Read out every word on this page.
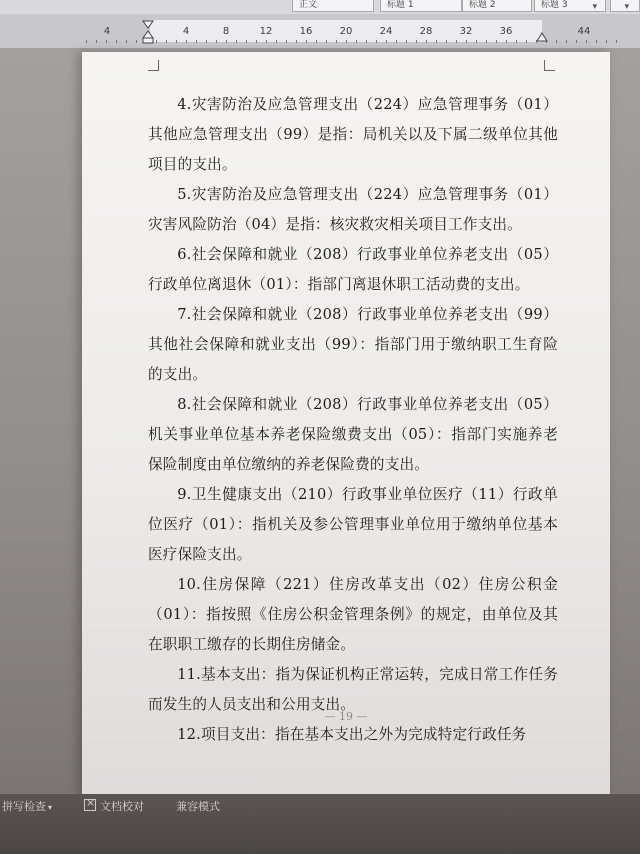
正文	标题 1	标题 2	标题 3	▾	▾
4	4	8	12	16	20	24	28	32	36	44

4.灾害防治及应急管理支出（224）应急管理事务（01）其他应急管理支出（99）是指：局机关以及下属二级单位其他项目的支出。

5.灾害防治及应急管理支出（224）应急管理事务（01）灾害风险防治（04）是指：核灾救灾相关项目工作支出。

6.社会保障和就业（208）行政事业单位养老支出（05）行政单位离退休（01）：指部门离退休职工活动费的支出。

7.社会保障和就业（208）行政事业单位养老支出（99）其他社会保障和就业支出（99）：指部门用于缴纳职工生育险的支出。

8.社会保障和就业（208）行政事业单位养老支出（05）机关事业单位基本养老保险缴费支出（05）：指部门实施养老保险制度由单位缴纳的养老保险费的支出。

9.卫生健康支出（210）行政事业单位医疗（11）行政单位医疗（01）：指机关及参公管理事业单位用于缴纳单位基本医疗保险支出。

10.住房保障（221）住房改革支出（02）住房公积金（01）：指按照《住房公积金管理条例》的规定，由单位及其在职职工缴存的长期住房储金。

11.基本支出：指为保证机构正常运转，完成日常工作任务而发生的人员支出和公用支出。

12.项目支出：指在基本支出之外为完成特定行政任务

— 19 —
拼写检查 ▾
×	文档校对	兼容模式
